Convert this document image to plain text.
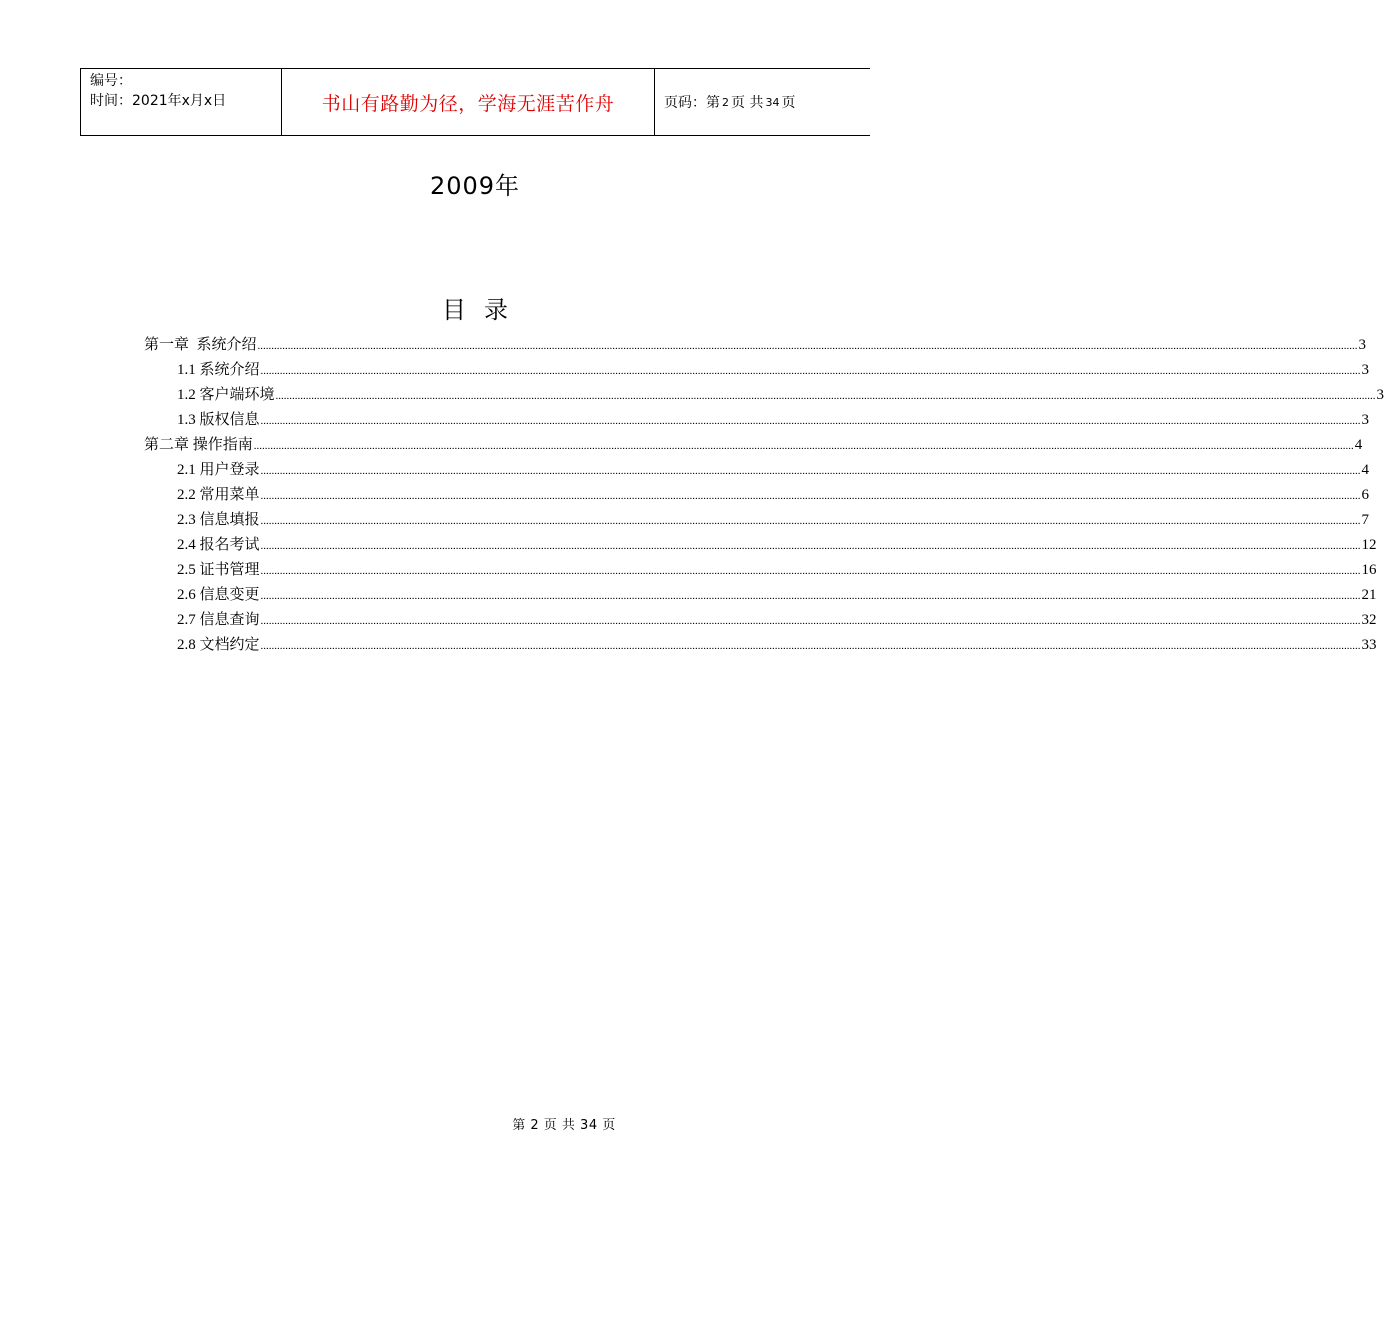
编号：
时间：2021年x月x日	书山有路勤为径，学海无涯苦作舟	页码：第 2 页 共 34 页
2009年
目录
第一章  系统介绍 ................................................................................................................................................................................................................................................................................................................................................................................................................ 3
1.1 系统介绍 ................................................................................................................................................................................................................................................................................................................................................................................................................ 3
1.2 客户端环境 ................................................................................................................................................................................................................................................................................................................................................................................................................ 3
1.3 版权信息 ................................................................................................................................................................................................................................................................................................................................................................................................................ 3
第二章 操作指南 ................................................................................................................................................................................................................................................................................................................................................................................................................ 4
2.1 用户登录 ................................................................................................................................................................................................................................................................................................................................................................................................................ 4
2.2 常用菜单 ................................................................................................................................................................................................................................................................................................................................................................................................................ 6
2.3 信息填报 ................................................................................................................................................................................................................................................................................................................................................................................................................ 7
2.4 报名考试 ................................................................................................................................................................................................................................................................................................................................................................................................................ 12
2.5 证书管理 ................................................................................................................................................................................................................................................................................................................................................................................................................ 16
2.6 信息变更 ................................................................................................................................................................................................................................................................................................................................................................................................................ 21
2.7 信息查询 ................................................................................................................................................................................................................................................................................................................................................................................................................ 32
2.8 文档约定 ................................................................................................................................................................................................................................................................................................................................................................................................................ 33
第 2 页 共 34 页
